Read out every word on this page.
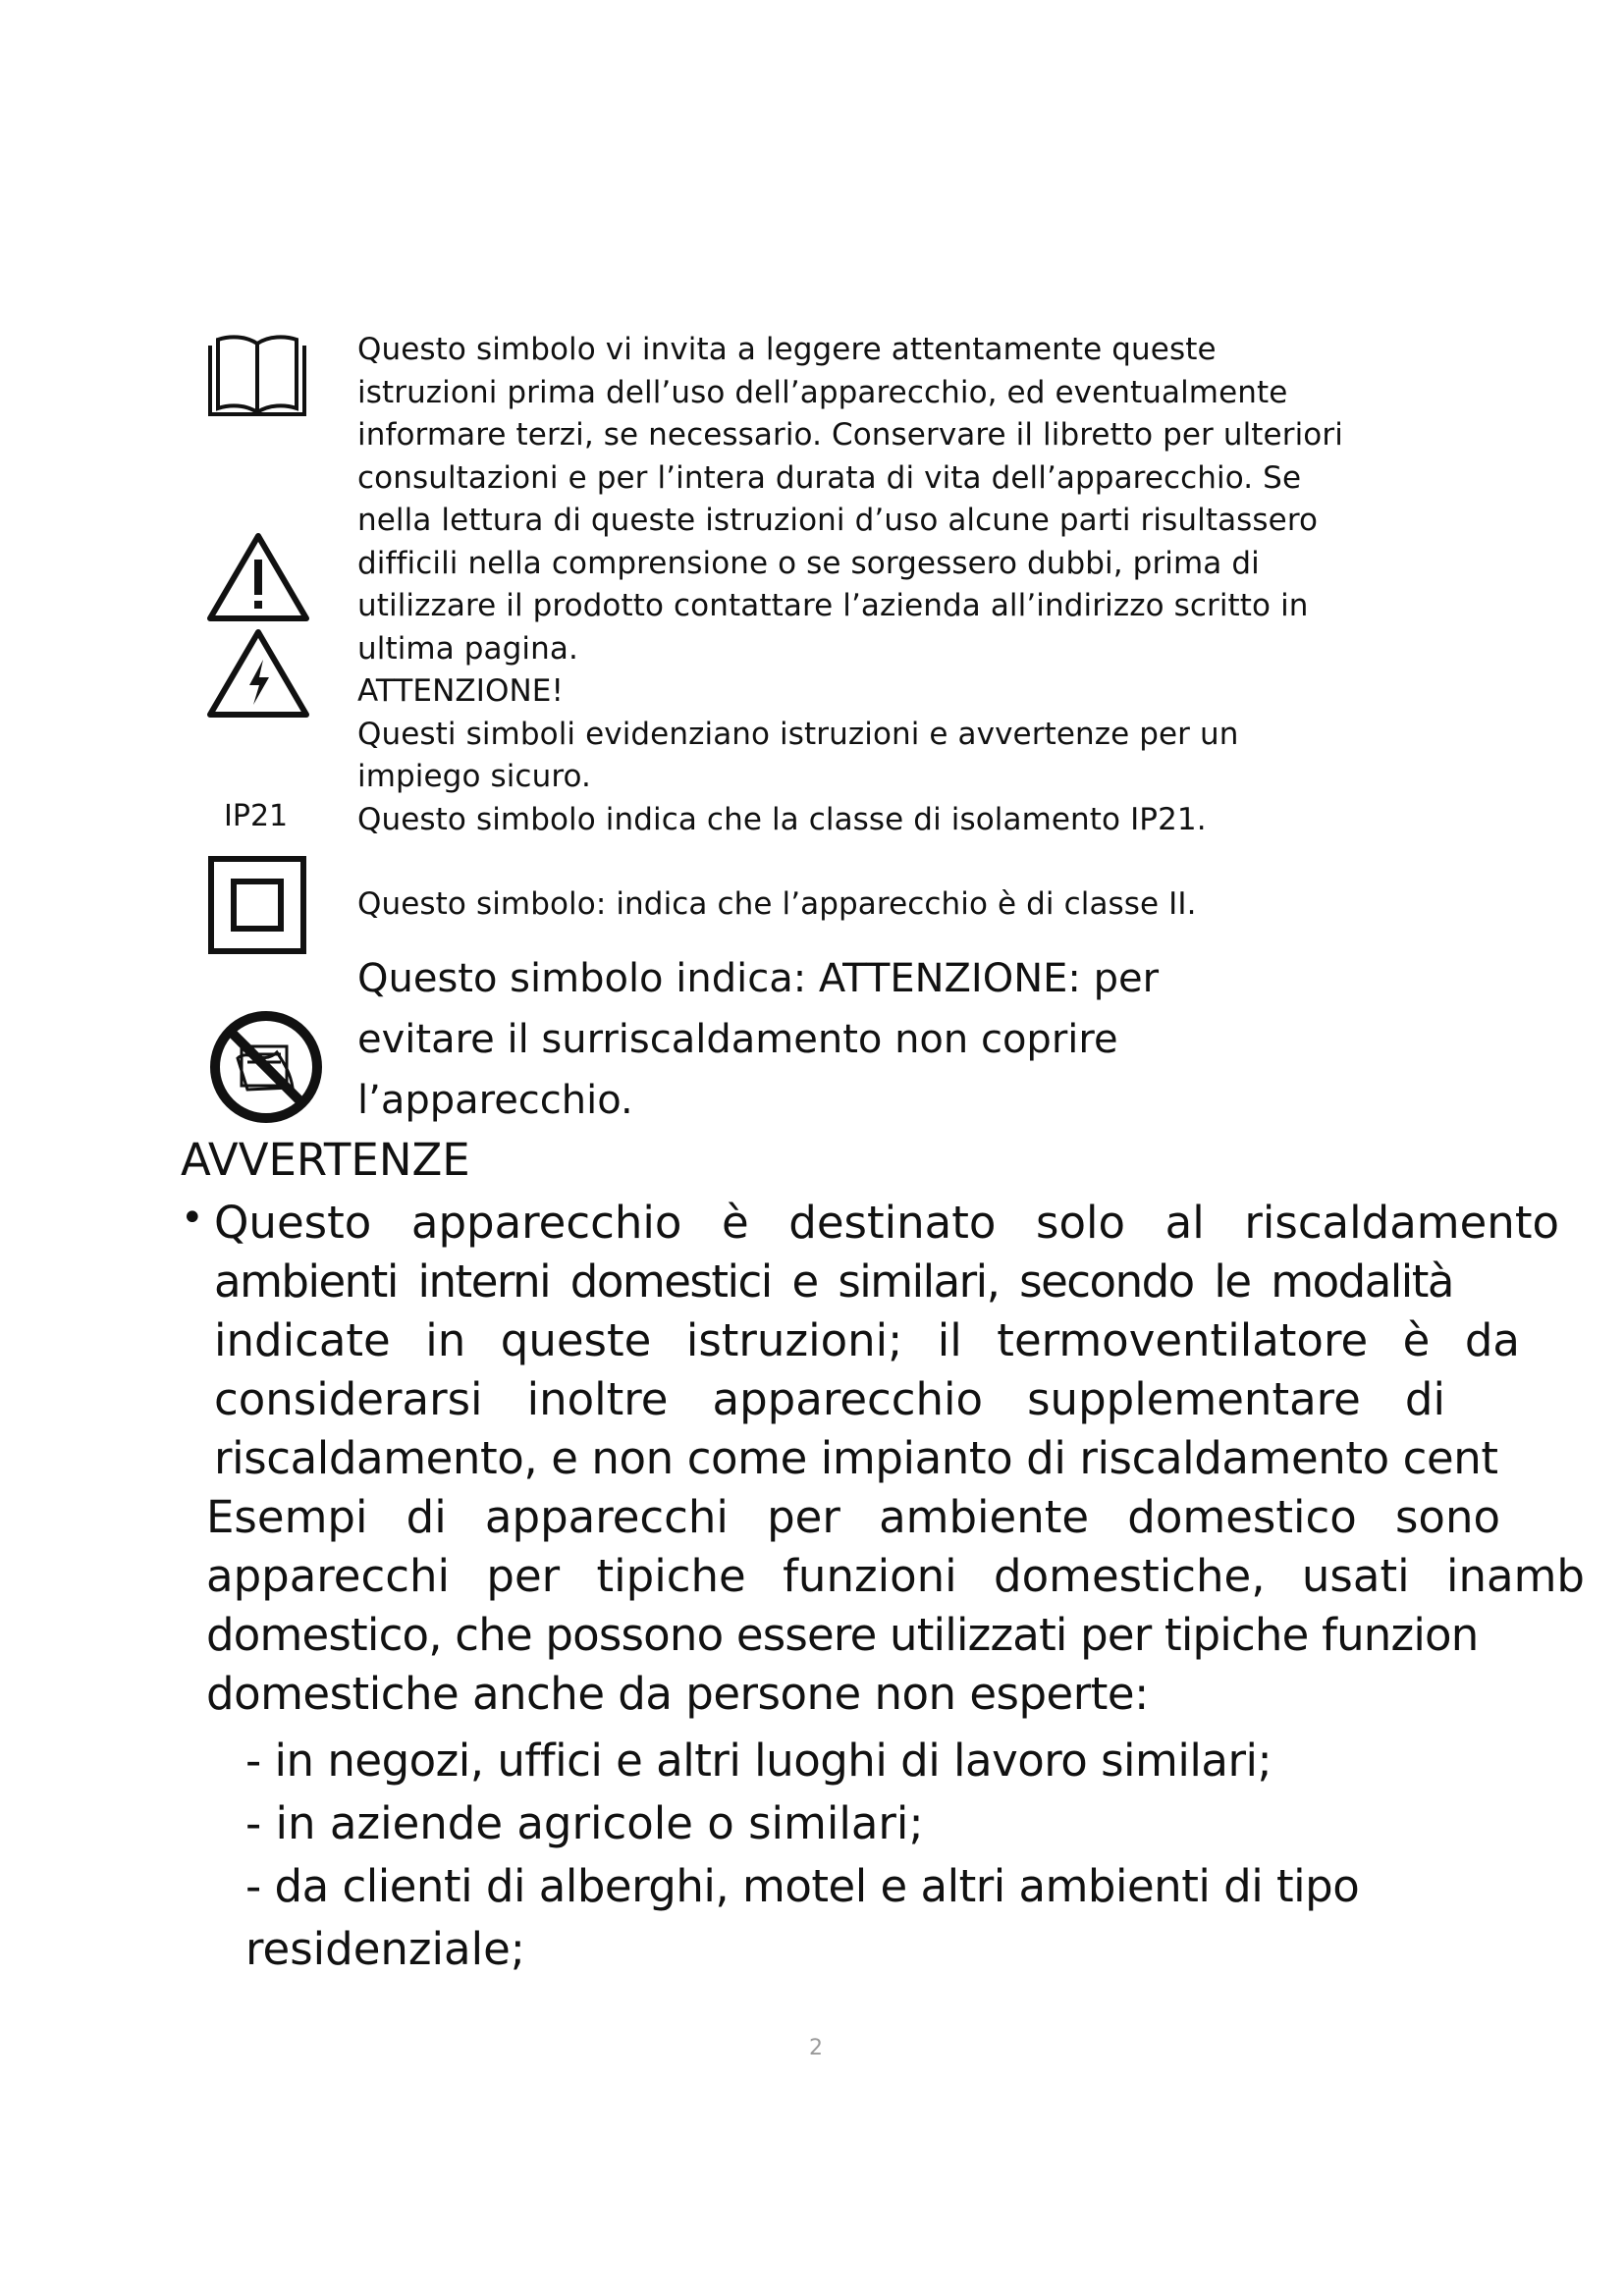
IP21
Questo simbolo vi invita a leggere attentamente queste
istruzioni prima dell’uso dell’apparecchio, ed eventualmente
informare terzi, se necessario. Conservare il libretto per ulteriori
consultazioni e per l’intera durata di vita dell’apparecchio. Se
nella lettura di queste istruzioni d’uso alcune parti risultassero
difficili nella comprensione o se sorgessero dubbi, prima di
utilizzare il prodotto contattare l’azienda all’indirizzo scritto in
ultima pagina.
ATTENZIONE!
Questi simboli evidenziano istruzioni e avvertenze per un
impiego sicuro.
Questo simbolo indica che la classe di isolamento IP21.
Questo simbolo: indica che l’apparecchio è di classe II.
Questo simbolo indica: ATTENZIONE: per
evitare il surriscaldamento non coprire
l’apparecchio.
AVVERTENZE
• Questo apparecchio è destinato solo al riscaldamento
ambienti interni domestici e similari, secondo le modalità
indicate in queste istruzioni; il termoventilatore è da
considerarsi inoltre apparecchio supplementare di
riscaldamento, e non come impianto di riscaldamento cent
Esempi di apparecchi per ambiente domestico sono
apparecchi per tipiche funzioni domestiche, usati inamb
domestico, che possono essere utilizzati per tipiche funzion
domestiche anche da persone non esperte:
- in negozi, uffici e altri luoghi di lavoro similari;
- in aziende agricole o similari;
- da clienti di alberghi, motel e altri ambienti di tipo
residenziale;
2
